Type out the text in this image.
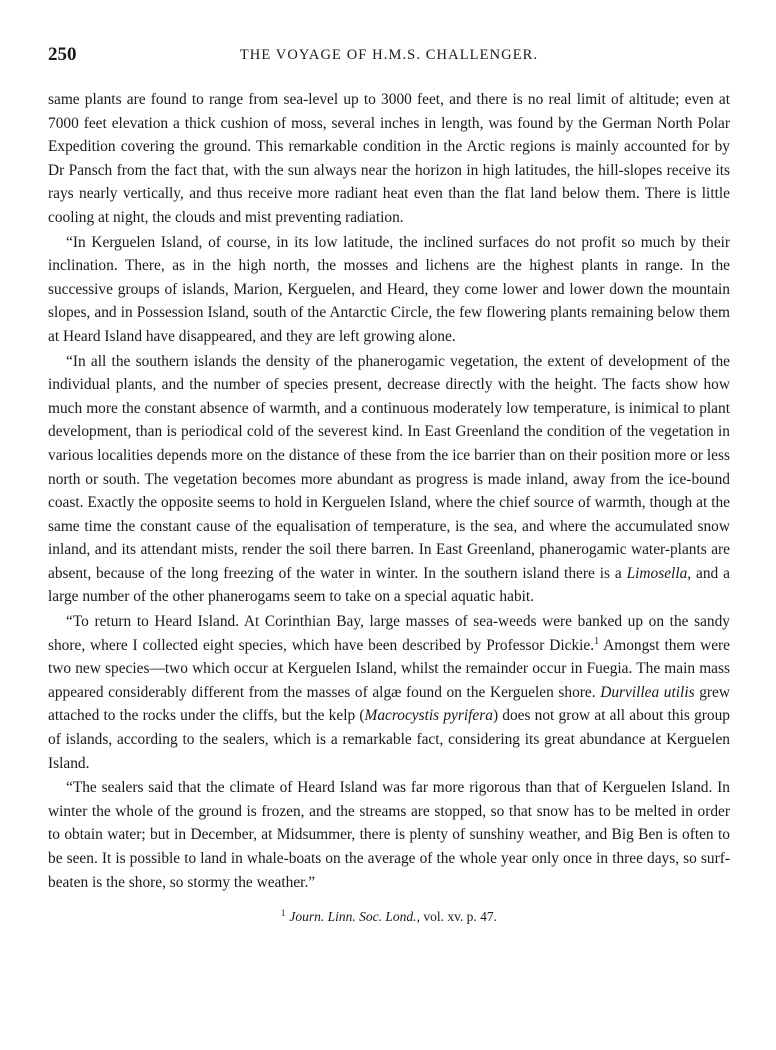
250	THE VOYAGE OF H.M.S. CHALLENGER.

same plants are found to range from sea-level up to 3000 feet, and there is no real limit of altitude; even at 7000 feet elevation a thick cushion of moss, several inches in length, was found by the German North Polar Expedition covering the ground. This remarkable condition in the Arctic regions is mainly accounted for by Dr Pansch from the fact that, with the sun always near the horizon in high latitudes, the hill-slopes receive its rays nearly vertically, and thus receive more radiant heat even than the flat land below them. There is little cooling at night, the clouds and mist preventing radiation.

“In Kerguelen Island, of course, in its low latitude, the inclined surfaces do not profit so much by their inclination. There, as in the high north, the mosses and lichens are the highest plants in range. In the successive groups of islands, Marion, Kerguelen, and Heard, they come lower and lower down the mountain slopes, and in Possession Island, south of the Antarctic Circle, the few flowering plants remaining below them at Heard Island have disappeared, and they are left growing alone.

“In all the southern islands the density of the phanerogamic vegetation, the extent of development of the individual plants, and the number of species present, decrease directly with the height. The facts show how much more the constant absence of warmth, and a continuous moderately low temperature, is inimical to plant development, than is periodical cold of the severest kind. In East Greenland the condition of the vegetation in various localities depends more on the distance of these from the ice barrier than on their position more or less north or south. The vegetation becomes more abundant as progress is made inland, away from the ice-bound coast. Exactly the opposite seems to hold in Kerguelen Island, where the chief source of warmth, though at the same time the constant cause of the equalisation of temperature, is the sea, and where the accumulated snow inland, and its attendant mists, render the soil there barren. In East Greenland, phanerogamic water-plants are absent, because of the long freezing of the water in winter. In the southern island there is a Limosella, and a large number of the other phanerogams seem to take on a special aquatic habit.

“To return to Heard Island. At Corinthian Bay, large masses of sea-weeds were banked up on the sandy shore, where I collected eight species, which have been described by Professor Dickie.$^1$ Amongst them were two new species—two which occur at Kerguelen Island, whilst the remainder occur in Fuegia. The main mass appeared considerably different from the masses of algæ found on the Kerguelen shore. Durvillea utilis grew attached to the rocks under the cliffs, but the kelp (Macrocystis pyrifera) does not grow at all about this group of islands, according to the sealers, which is a remarkable fact, considering its great abundance at Kerguelen Island.

“The sealers said that the climate of Heard Island was far more rigorous than that of Kerguelen Island. In winter the whole of the ground is frozen, and the streams are stopped, so that snow has to be melted in order to obtain water; but in December, at Midsummer, there is plenty of sunshiny weather, and Big Ben is often to be seen. It is possible to land in whale-boats on the average of the whole year only once in three days, so surf-beaten is the shore, so stormy the weather.”

$^1$ Journ. Linn. Soc. Lond., vol. xv. p. 47.
